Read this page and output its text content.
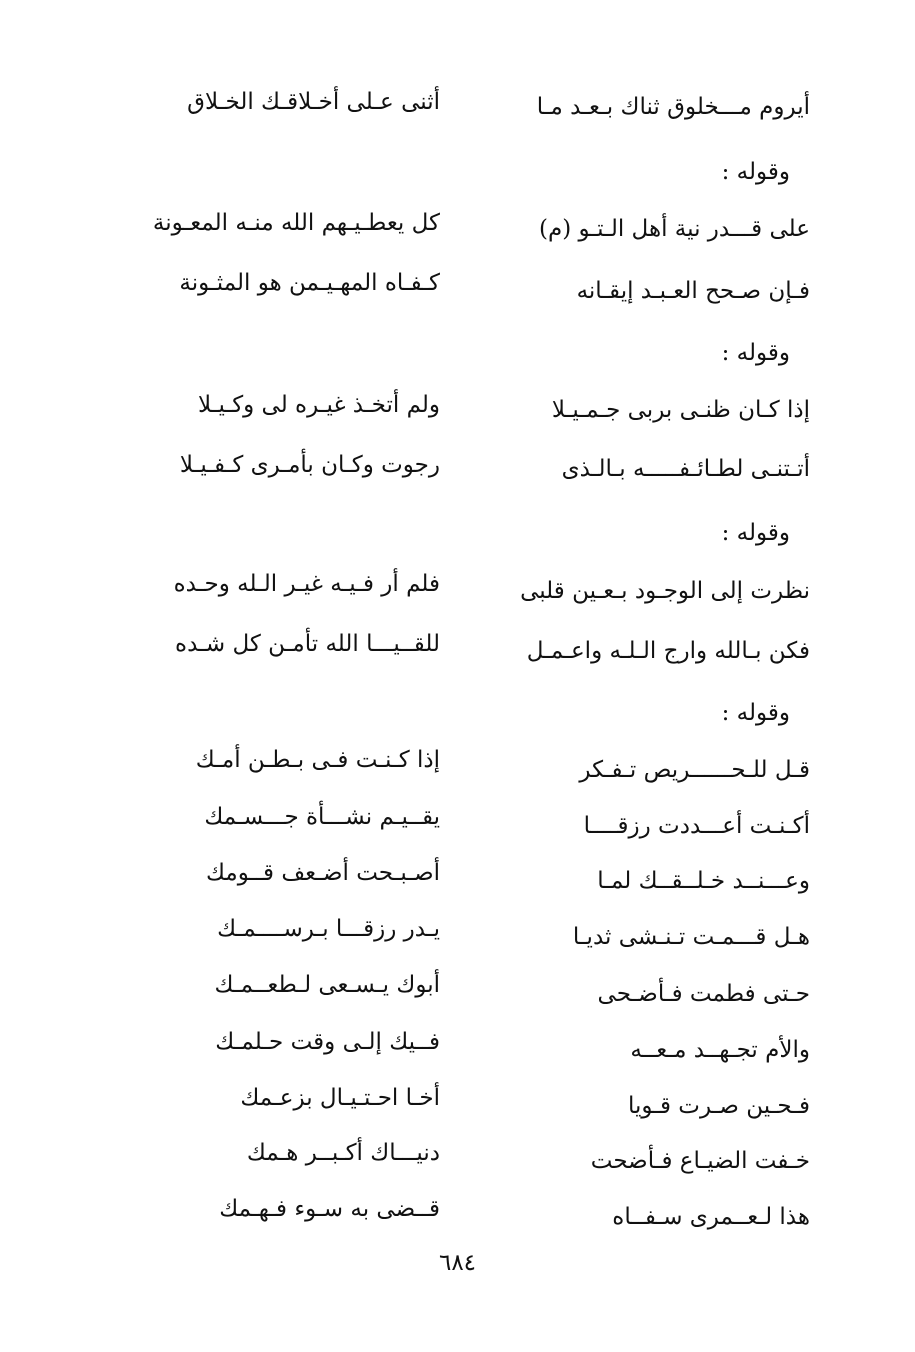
أيروم مـــخلوق ثناك بـعـد مـا
أثنى عـلى أخـلاقـك الخـلاق
وقوله :
على قـــدر نية أهل الـتـو (م)
كل يعطـيـهم الله منـه المعـونة
فـإن صـحح العـبـد إيقـانه
كـفـاه المهـيـمن هو المثـونة
وقوله :
إذا كـان ظنـى بربى جـمـيـلا
ولم أتخـذ غيـره لى وكـيـلا
أتـتنـى لطـائـفـــــه بـالـذى
رجوت وكـان بأمـرى كـفـيـلا
وقوله :
نظرت إلى الوجـود بـعـين قلبى
فلم أر فـيـه غيـر الـله وحـده
فكن بـالله وارج الـلـه واعـمـل
للقــيـــا الله تأمـن كل شـده
وقوله :
قـل للـحــــــريص تـفـكر
إذا كـنـت فـى بـطـن أمـك
أكـنـت أعـــددت رزقــــا
يقــيـم نشـــأة جـــسـمك
وعـــنــد خـلــقــك لمـا
أصـبـحت أضـعف قــومك
هـل قـــمـت تـنـشى ثديـا
يـدر رزقـــا بـرســــمـك
حـتى فطمت فـأضـحى
أبوك يـسـعى لـطعــمـك
والأم تجـهــد مـعــه
فــيك إلـى وقت حـلمـك
فـحـين صـرت قـويا
أخـا احـتـيـال بزعـمك
خـفت الضيـاع فـأضحت
دنيـــاك أكـبــر هـمك
هذا لـعــمرى سـفــاه
قــضى به سـوء فـهـمك
٦٨٤
